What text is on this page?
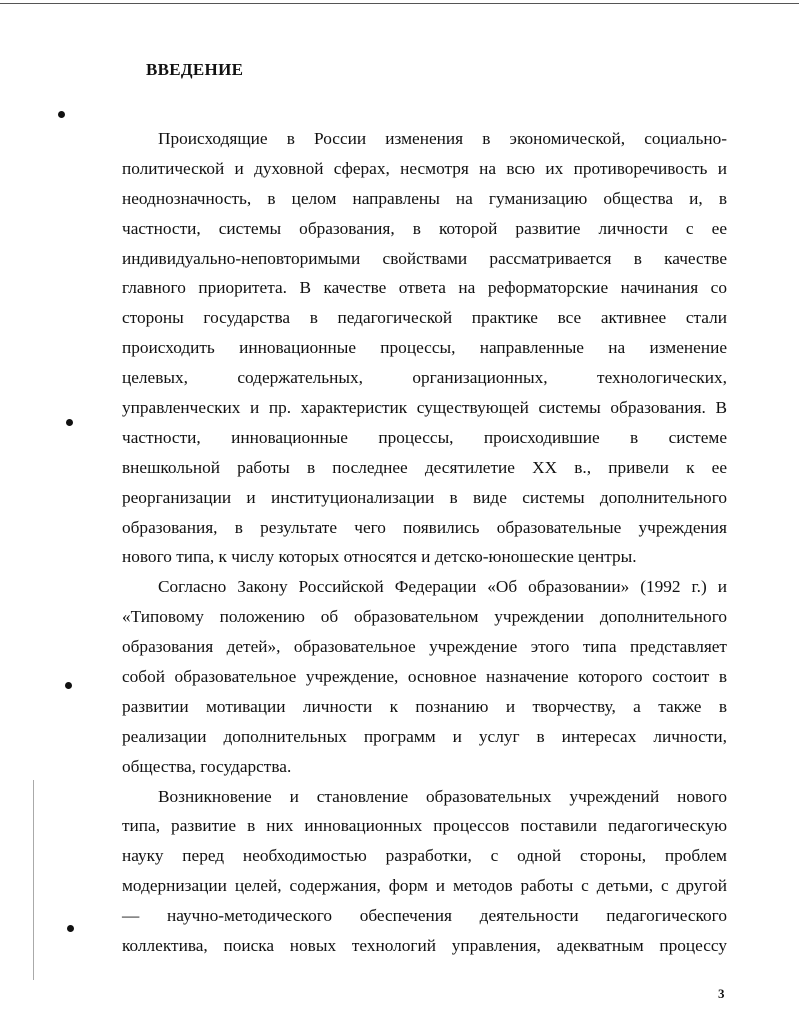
ВВЕДЕНИЕ
Происходящие в России изменения в экономической, социально-
политической и духовной сферах, несмотря на всю их противоречивость и
неоднозначность, в целом направлены на гуманизацию общества и, в
частности, системы образования, в которой развитие личности с ее
индивидуально-неповторимыми свойствами рассматривается в качестве
главного приоритета. В качестве ответа на реформаторские начинания со
стороны государства в педагогической практике все активнее стали
происходить инновационные процессы, направленные на изменение
целевых, содержательных, организационных, технологических,
управленческих и пр. характеристик существующей системы образования. В
частности, инновационные процессы, происходившие в системе
внешкольной работы в последнее десятилетие XX в., привели к ее
реорганизации и институционализации в виде системы дополнительного
образования, в результате чего появились образовательные учреждения
нового типа, к числу которых относятся и детско-юношеские центры.
Согласно Закону Российской Федерации «Об образовании» (1992 г.) и
«Типовому положению об образовательном учреждении дополнительного
образования детей», образовательное учреждение этого типа представляет
собой образовательное учреждение, основное назначение которого состоит в
развитии мотивации личности к познанию и творчеству, а также в
реализации дополнительных программ и услуг в интересах личности,
общества, государства.
Возникновение и становление образовательных учреждений нового
типа, развитие в них инновационных процессов поставили педагогическую
науку перед необходимостью разработки, с одной стороны, проблем
модернизации целей, содержания, форм и методов работы с детьми, с другой
— научно-методического обеспечения деятельности педагогического
коллектива, поиска новых технологий управления, адекватным процессу
3
